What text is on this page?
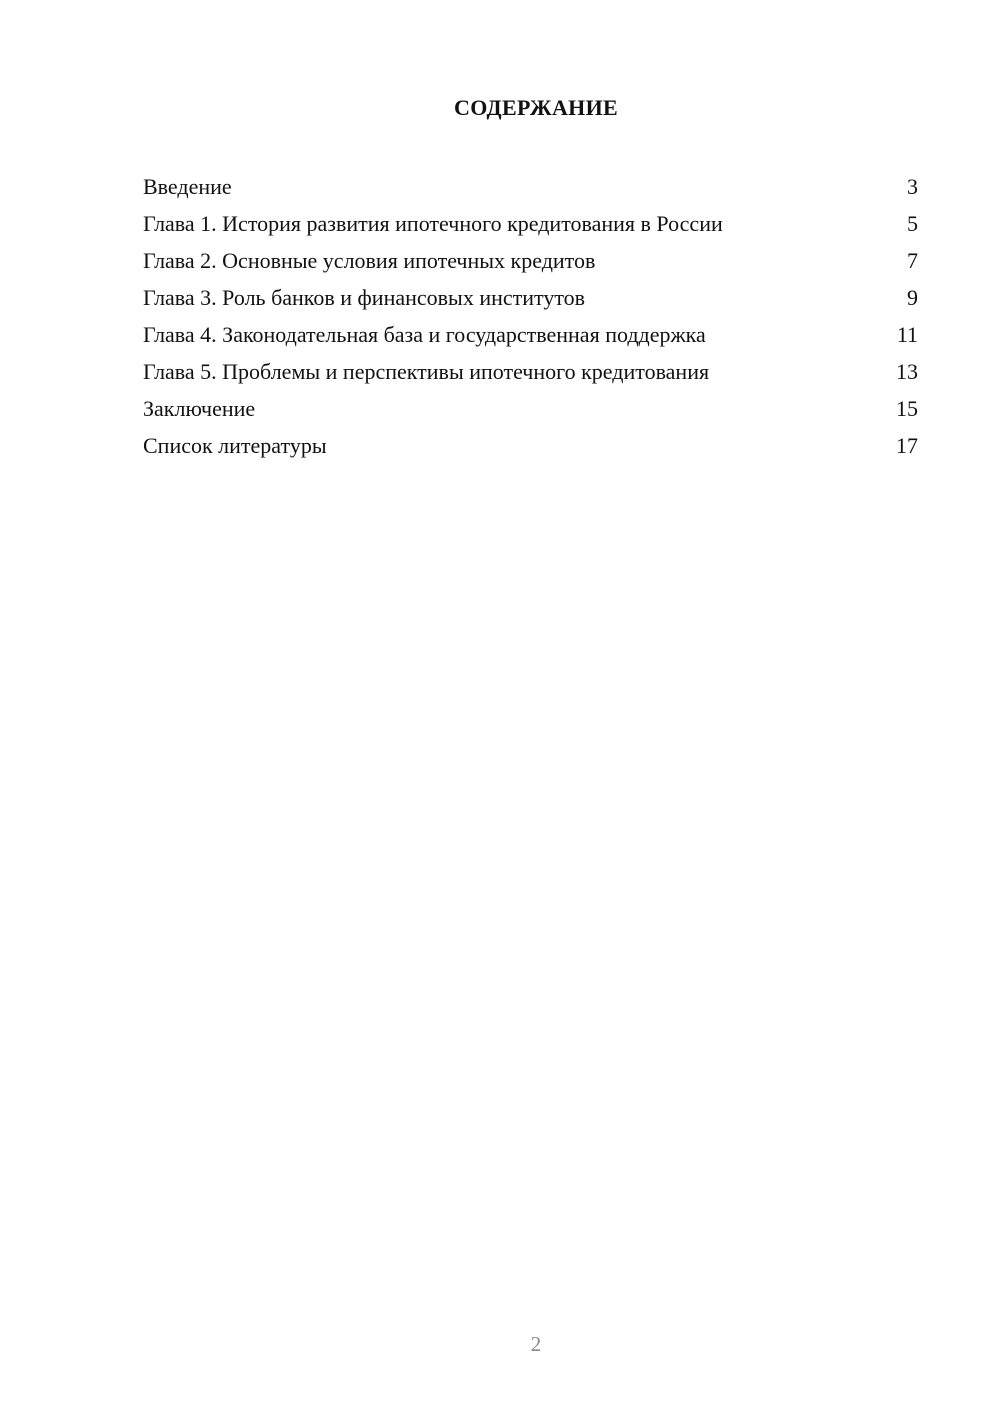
СОДЕРЖАНИЕ
Введение	3
Глава 1. История развития ипотечного кредитования в России	5
Глава 2. Основные условия ипотечных кредитов	7
Глава 3. Роль банков и финансовых институтов	9
Глава 4. Законодательная база и государственная поддержка	11
Глава 5. Проблемы и перспективы ипотечного кредитования	13
Заключение	15
Список литературы	17
2
